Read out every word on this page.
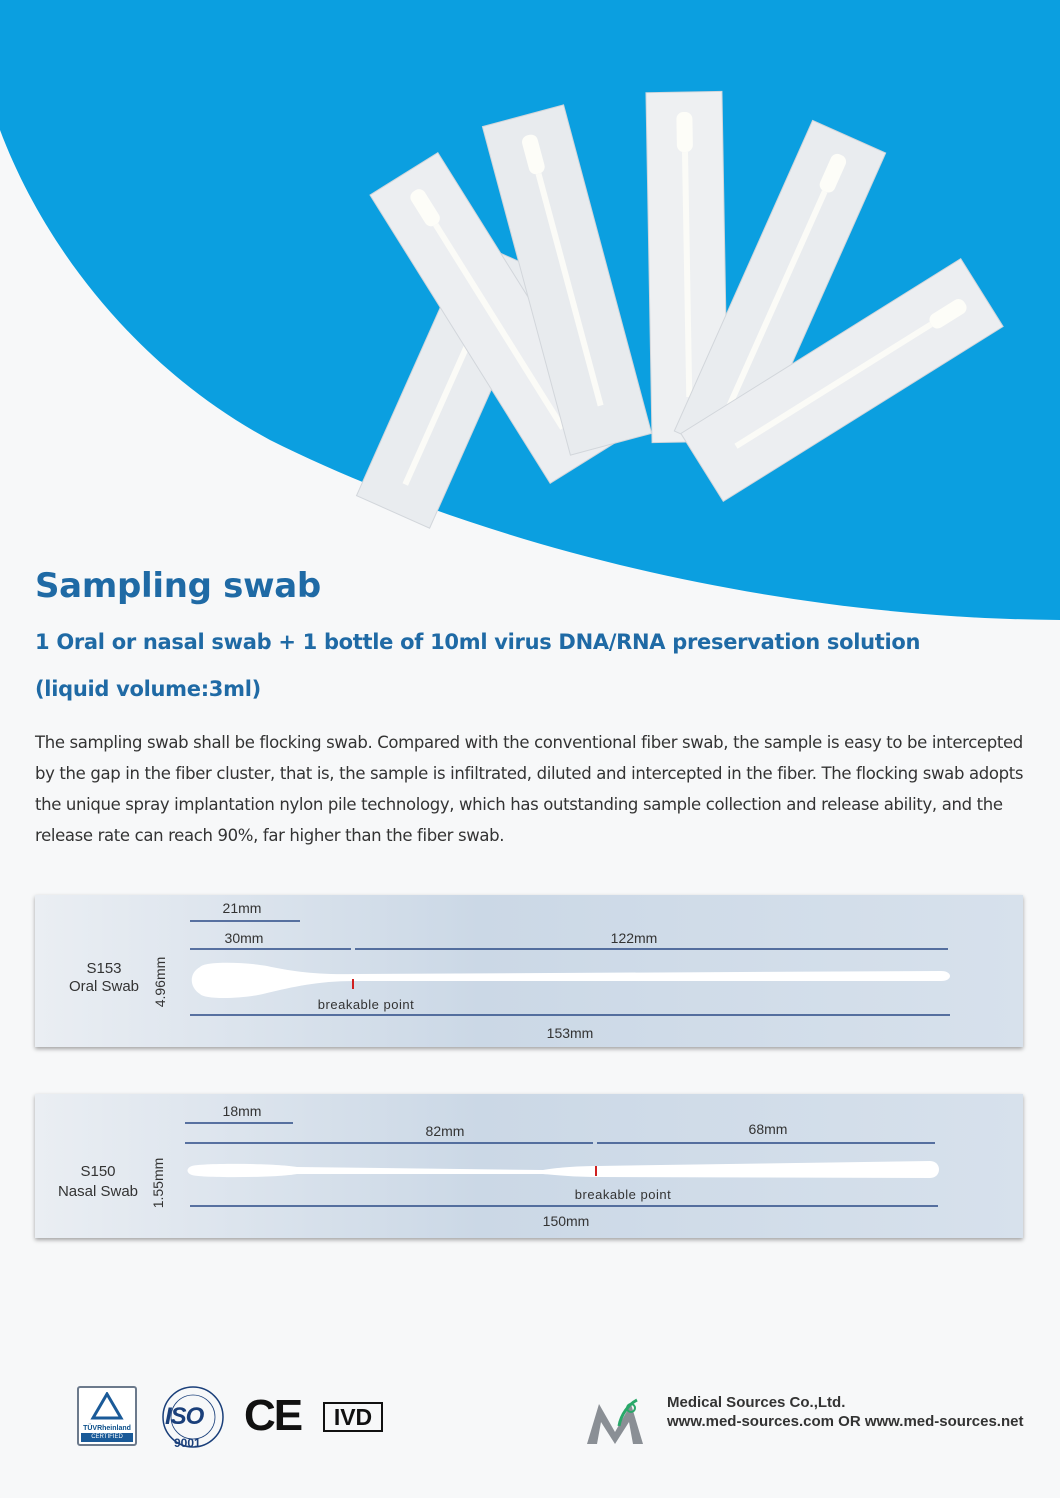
Sampling swab

1 Oral or nasal swab + 1 bottle of 10ml virus DNA/RNA preservation solution

(liquid volume:3ml)

The sampling swab shall be flocking swab. Compared with the conventional fiber swab, the sample is easy to be intercepted by the gap in the fiber cluster, that is, the sample is infiltrated, diluted and intercepted in the fiber. The flocking swab adopts the unique spray implantation nylon pile technology, which has outstanding sample collection and release ability, and the release rate can reach 90%, far higher than the fiber swab.

21mm
30mm	122mm
153mm
S153
Oral Swab 4.96mm	breakable point
18mm
82mm	68mm
150mm
S150
Nasal Swab 1.55mm	breakable point
TÜVRheinland
CERTIFIED
ISO
9001
CE	IVD

Medical Sources Co.,Ltd.

www.med-sources.com OR www.med-sources.net
